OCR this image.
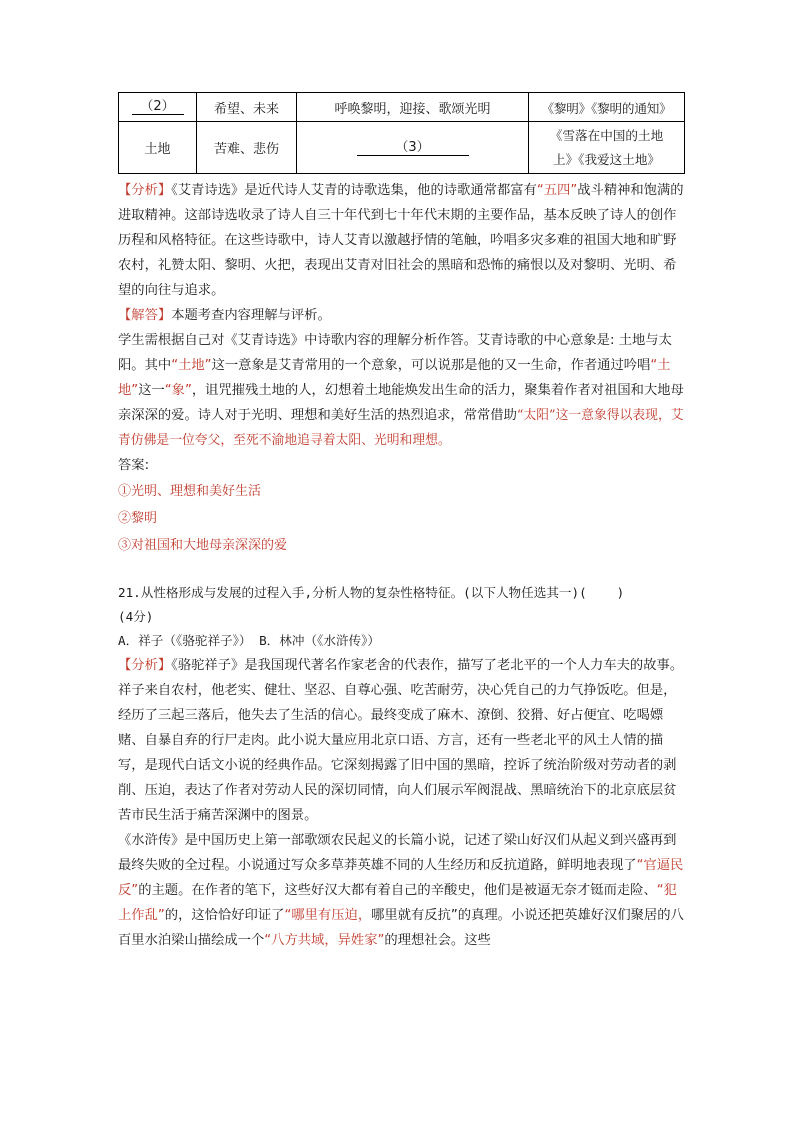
（2）	希望、未来	呼唤黎明，迎接、歌颂光明	《黎明》《黎明的通知》
土地	苦难、悲伤	（3）	《雪落在中国的土地
上》《我爱这土地》

【分析】《艾青诗选》是近代诗人艾青的诗歌选集，他的诗歌通常都富有“五四”战斗精神和饱满的进取精神。这部诗选收录了诗人自三十年代到七十年代末期的主要作品，基本反映了诗人的创作历程和风格特征。在这些诗歌中，诗人艾青以激越抒情的笔触，吟唱多灾多难的祖国大地和旷野农村，礼赞太阳、黎明、火把，表现出艾青对旧社会的黑暗和恐怖的痛恨以及对黎明、光明、希望的向往与追求。

【解答】本题考查内容理解与评析。

学生需根据自己对《艾青诗选》中诗歌内容的理解分析作答。艾青诗歌的中心意象是: 土地与太阳。其中“土地”这一意象是艾青常用的一个意象，可以说那是他的又一生命，作者通过吟唱“土地”这一“象”，诅咒摧残土地的人，幻想着土地能焕发出生命的活力，聚集着作者对祖国和大地母亲深深的爱。诗人对于光明、理想和美好生活的热烈追求，常常借助“太阳”这一意象得以表现，艾青仿佛是一位夸父，至死不渝地追寻着太阳、光明和理想。

答案:

①光明、理想和美好生活

②黎明

③对祖国和大地母亲深深的爱

21.从性格形成与发展的过程入手,分析人物的复杂性格特征。(以下人物任选其一)( )

(4分)

A．祥子（《骆驼祥子》） B．林冲（《水浒传》）

【分析】《骆驼祥子》是我国现代著名作家老舍的代表作，描写了老北平的一个人力车夫的故事。祥子来自农村，他老实、健壮、坚忍、自尊心强、吃苦耐劳，决心凭自己的力气挣饭吃。但是，经历了三起三落后，他失去了生活的信心。最终变成了麻木、潦倒、狡猾、好占便宜、吃喝嫖赌、自暴自弃的行尸走肉。此小说大量应用北京口语、方言，还有一些老北平的风土人情的描写，是现代白话文小说的经典作品。它深刻揭露了旧中国的黑暗，控诉了统治阶级对劳动者的剥削、压迫，表达了作者对劳动人民的深切同情，向人们展示军阀混战、黑暗统治下的北京底层贫苦市民生活于痛苦深渊中的图景。

《水浒传》是中国历史上第一部歌颂农民起义的长篇小说，记述了梁山好汉们从起义到兴盛再到最终失败的全过程。小说通过写众多草莽英雄不同的人生经历和反抗道路，鲜明地表现了“官逼民反”的主题。在作者的笔下，这些好汉大都有着自己的辛酸史，他们是被逼无奈才铤而走险、“犯上作乱”的，这恰恰好印证了“哪里有压迫，哪里就有反抗”的真理。小说还把英雄好汉们聚居的八百里水泊梁山描绘成一个“八方共域，异姓家”的理想社会。这些
